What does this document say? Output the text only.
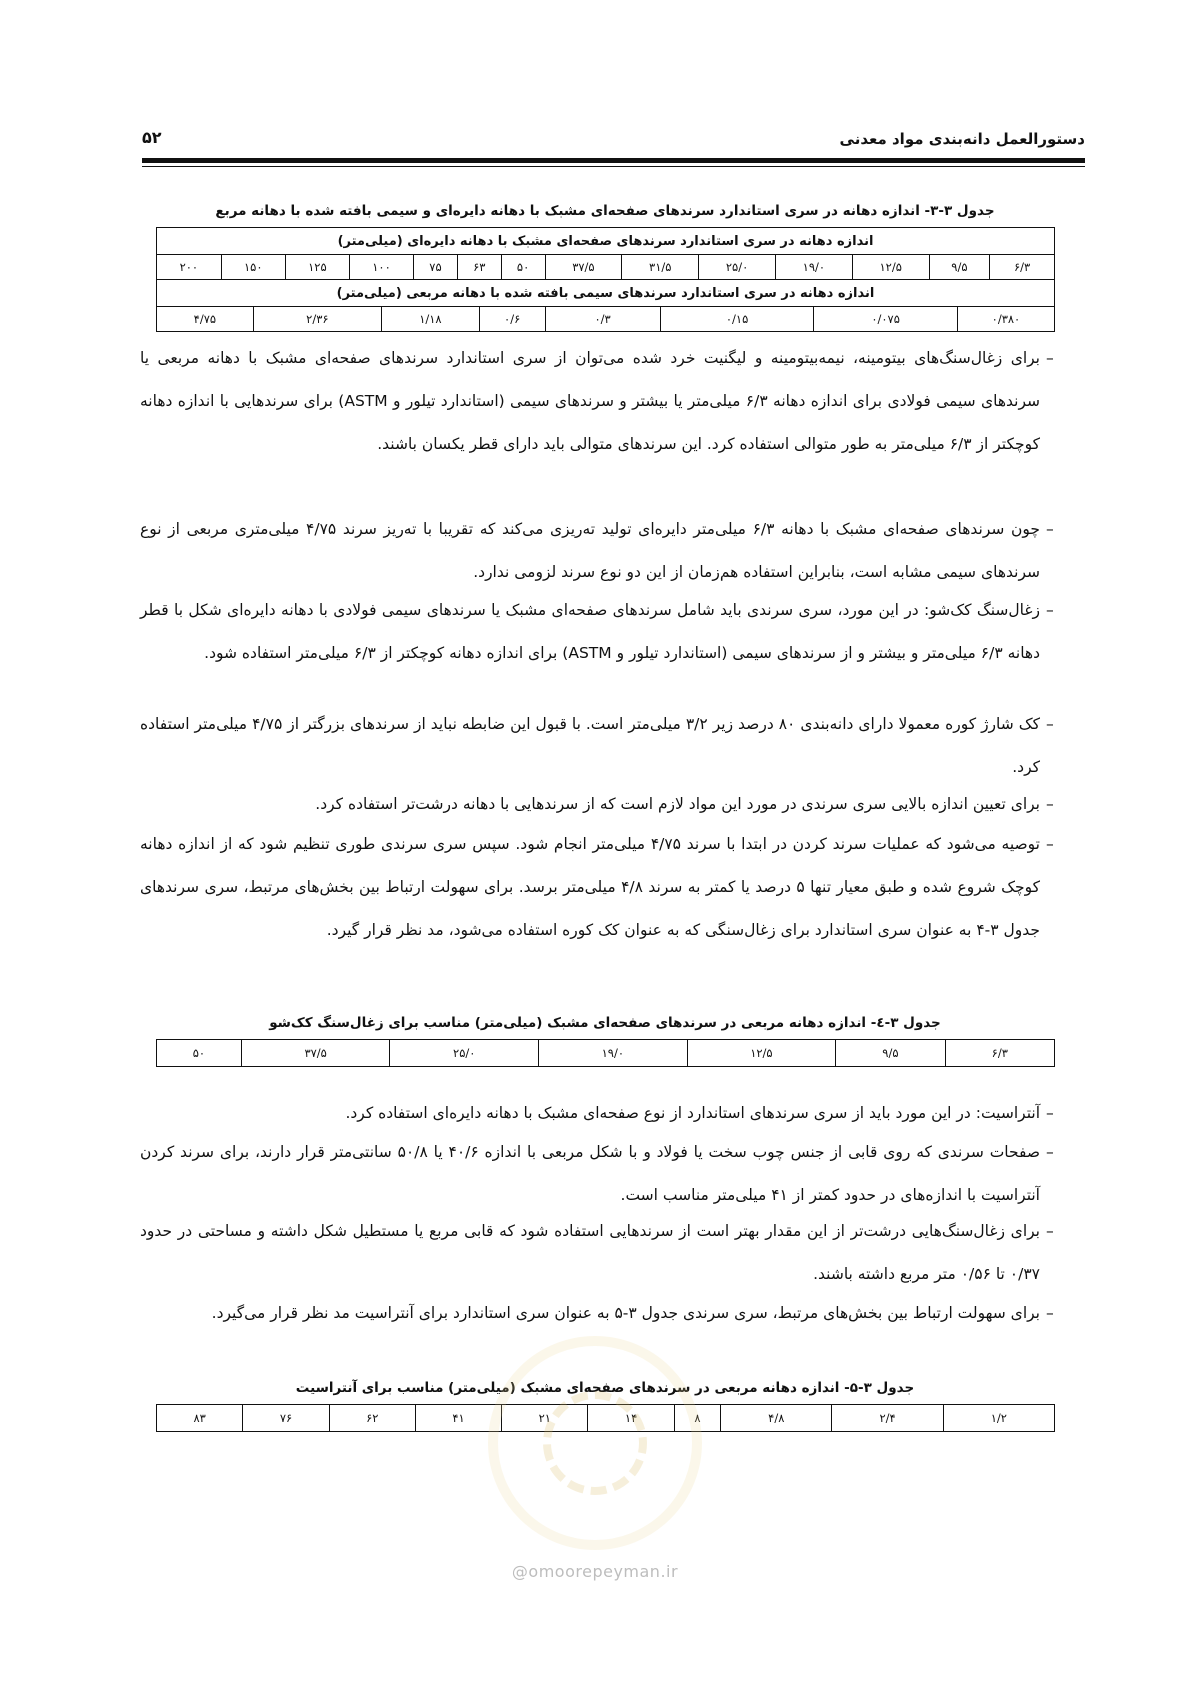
دستورالعمل دانه‌بندی مواد معدنی
۵۲
جدول ۳-۳- اندازه دهانه در سری استاندارد سرندهای صفحه‌ای مشبک با دهانه دایره‌ای و سیمی بافته شده با دهانه مربع
اندازه دهانه در سری استاندارد سرندهای صفحه‌ای مشبک با دهانه دایره‌ای (میلی‌متر)																			
۶/۳	۹/۵		۱۲/۵	۱۹/۰		۲۵/۰	۳۱/۵		۳۷/۵	۵۰	۶۳		۷۵	۱۰۰		۱۲۵	۱۵۰		۲۰۰
اندازه دهانه در سری استاندارد سرندهای سیمی بافته شده با دهانه مربعی (میلی‌متر)																			
۰/۳۸۰		۰/۰۷۵			۰/۱۵			۰/۳		۰/۶		۱/۱۸			۲/۳۶			۴/۷۵	
–
برای زغال‌سنگ‌های بیتومینه، نیمه‌بیتومینه و لیگنیت خرد شده می‌توان از سری استاندارد سرندهای صفحه‌ای مشبک با دهانه مربعی یا سرندهای سیمی فولادی برای اندازه دهانه ۶/۳ میلی‌متر یا بیشتر و سرندهای سیمی (استاندارد تیلور و ASTM) برای سرندهایی با اندازه دهانه کوچکتر از ۶/۳ میلی‌متر به طور متوالی استفاده کرد. این سرندهای متوالی باید دارای قطر یکسان باشند.
–
چون سرندهای صفحه‌ای مشبک با دهانه ۶/۳ میلی‌متر دایره‌ای تولید ته‌ریزی می‌کند که تقریبا با ته‌ریز سرند ۴/۷۵ میلی‌متری مربعی از نوع سرندهای سیمی مشابه است، بنابراین استفاده هم‌زمان از این دو نوع سرند لزومی ندارد.
–
زغال‌سنگ کک‌شو: در این مورد، سری سرندی باید شامل سرندهای صفحه‌ای مشبک یا سرندهای سیمی فولادی با دهانه دایره‌ای شکل با قطر دهانه ۶/۳ میلی‌متر و بیشتر و از سرندهای سیمی (استاندارد تیلور و ASTM) برای اندازه دهانه کوچکتر از ۶/۳ میلی‌متر استفاده شود.
–
کک شارژ کوره معمولا دارای دانه‌بندی ۸۰ درصد زیر ۳/۲ میلی‌متر است. با قبول این ضابطه نباید از سرندهای بزرگتر از ۴/۷۵ میلی‌متر استفاده کرد.
–
برای تعیین اندازه بالایی سری سرندی در مورد این مواد لازم است که از سرندهایی با دهانه درشت‌تر استفاده کرد.
–
توصیه می‌شود که عملیات سرند کردن در ابتدا با سرند ۴/۷۵ میلی‌متر انجام شود. سپس سری سرندی طوری تنظیم شود که از اندازه دهانه کوچک شروع شده و طبق معیار تنها ۵ درصد یا کمتر به سرند ۴/۸ میلی‌متر برسد. برای سهولت ارتباط بین بخش‌های مرتبط، سری سرندهای جدول ۳-۴ به عنوان سری استاندارد برای زغال‌سنگی که به عنوان کک کوره استفاده می‌شود، مد نظر قرار گیرد.
جدول ۳-٤- اندازه دهانه مربعی در سرندهای صفحه‌ای مشبک (میلی‌متر) مناسب برای زغال‌سنگ کک‌شو
۶/۳	۹/۵	۱۲/۵	۱۹/۰	۲۵/۰	۳۷/۵	۵۰
–
آنتراسیت: در این مورد باید از سری سرندهای استاندارد از نوع صفحه‌ای مشبک با دهانه دایره‌ای استفاده کرد.
–
صفحات سرندی که روی قابی از جنس چوب سخت یا فولاد و با شکل مربعی با اندازه ۴۰/۶ یا ۵۰/۸ سانتی‌متر قرار دارند، برای سرند کردن آنتراسیت با اندازه‌های در حدود کمتر از ۴۱ میلی‌متر مناسب است.
–
برای زغال‌سنگ‌هایی درشت‌تر از این مقدار بهتر است از سرندهایی استفاده شود که قابی مربع یا مستطیل شکل داشته و مساحتی در حدود ۰/۳۷ تا ۰/۵۶ متر مربع داشته باشند.
–
برای سهولت ارتباط بین بخش‌های مرتبط، سری سرندی جدول ۳-۵ به عنوان سری استاندارد برای آنتراسیت مد نظر قرار می‌گیرد.
جدول ۳-۵- اندازه دهانه مربعی در سرندهای صفحه‌ای مشبک (میلی‌متر) مناسب برای آنتراسیت
۱/۲	۲/۴	۴/۸	۸	۱۴	۲۱	۴۱	۶۲	۷۶	۸۳
@omoorepeyman.ir
